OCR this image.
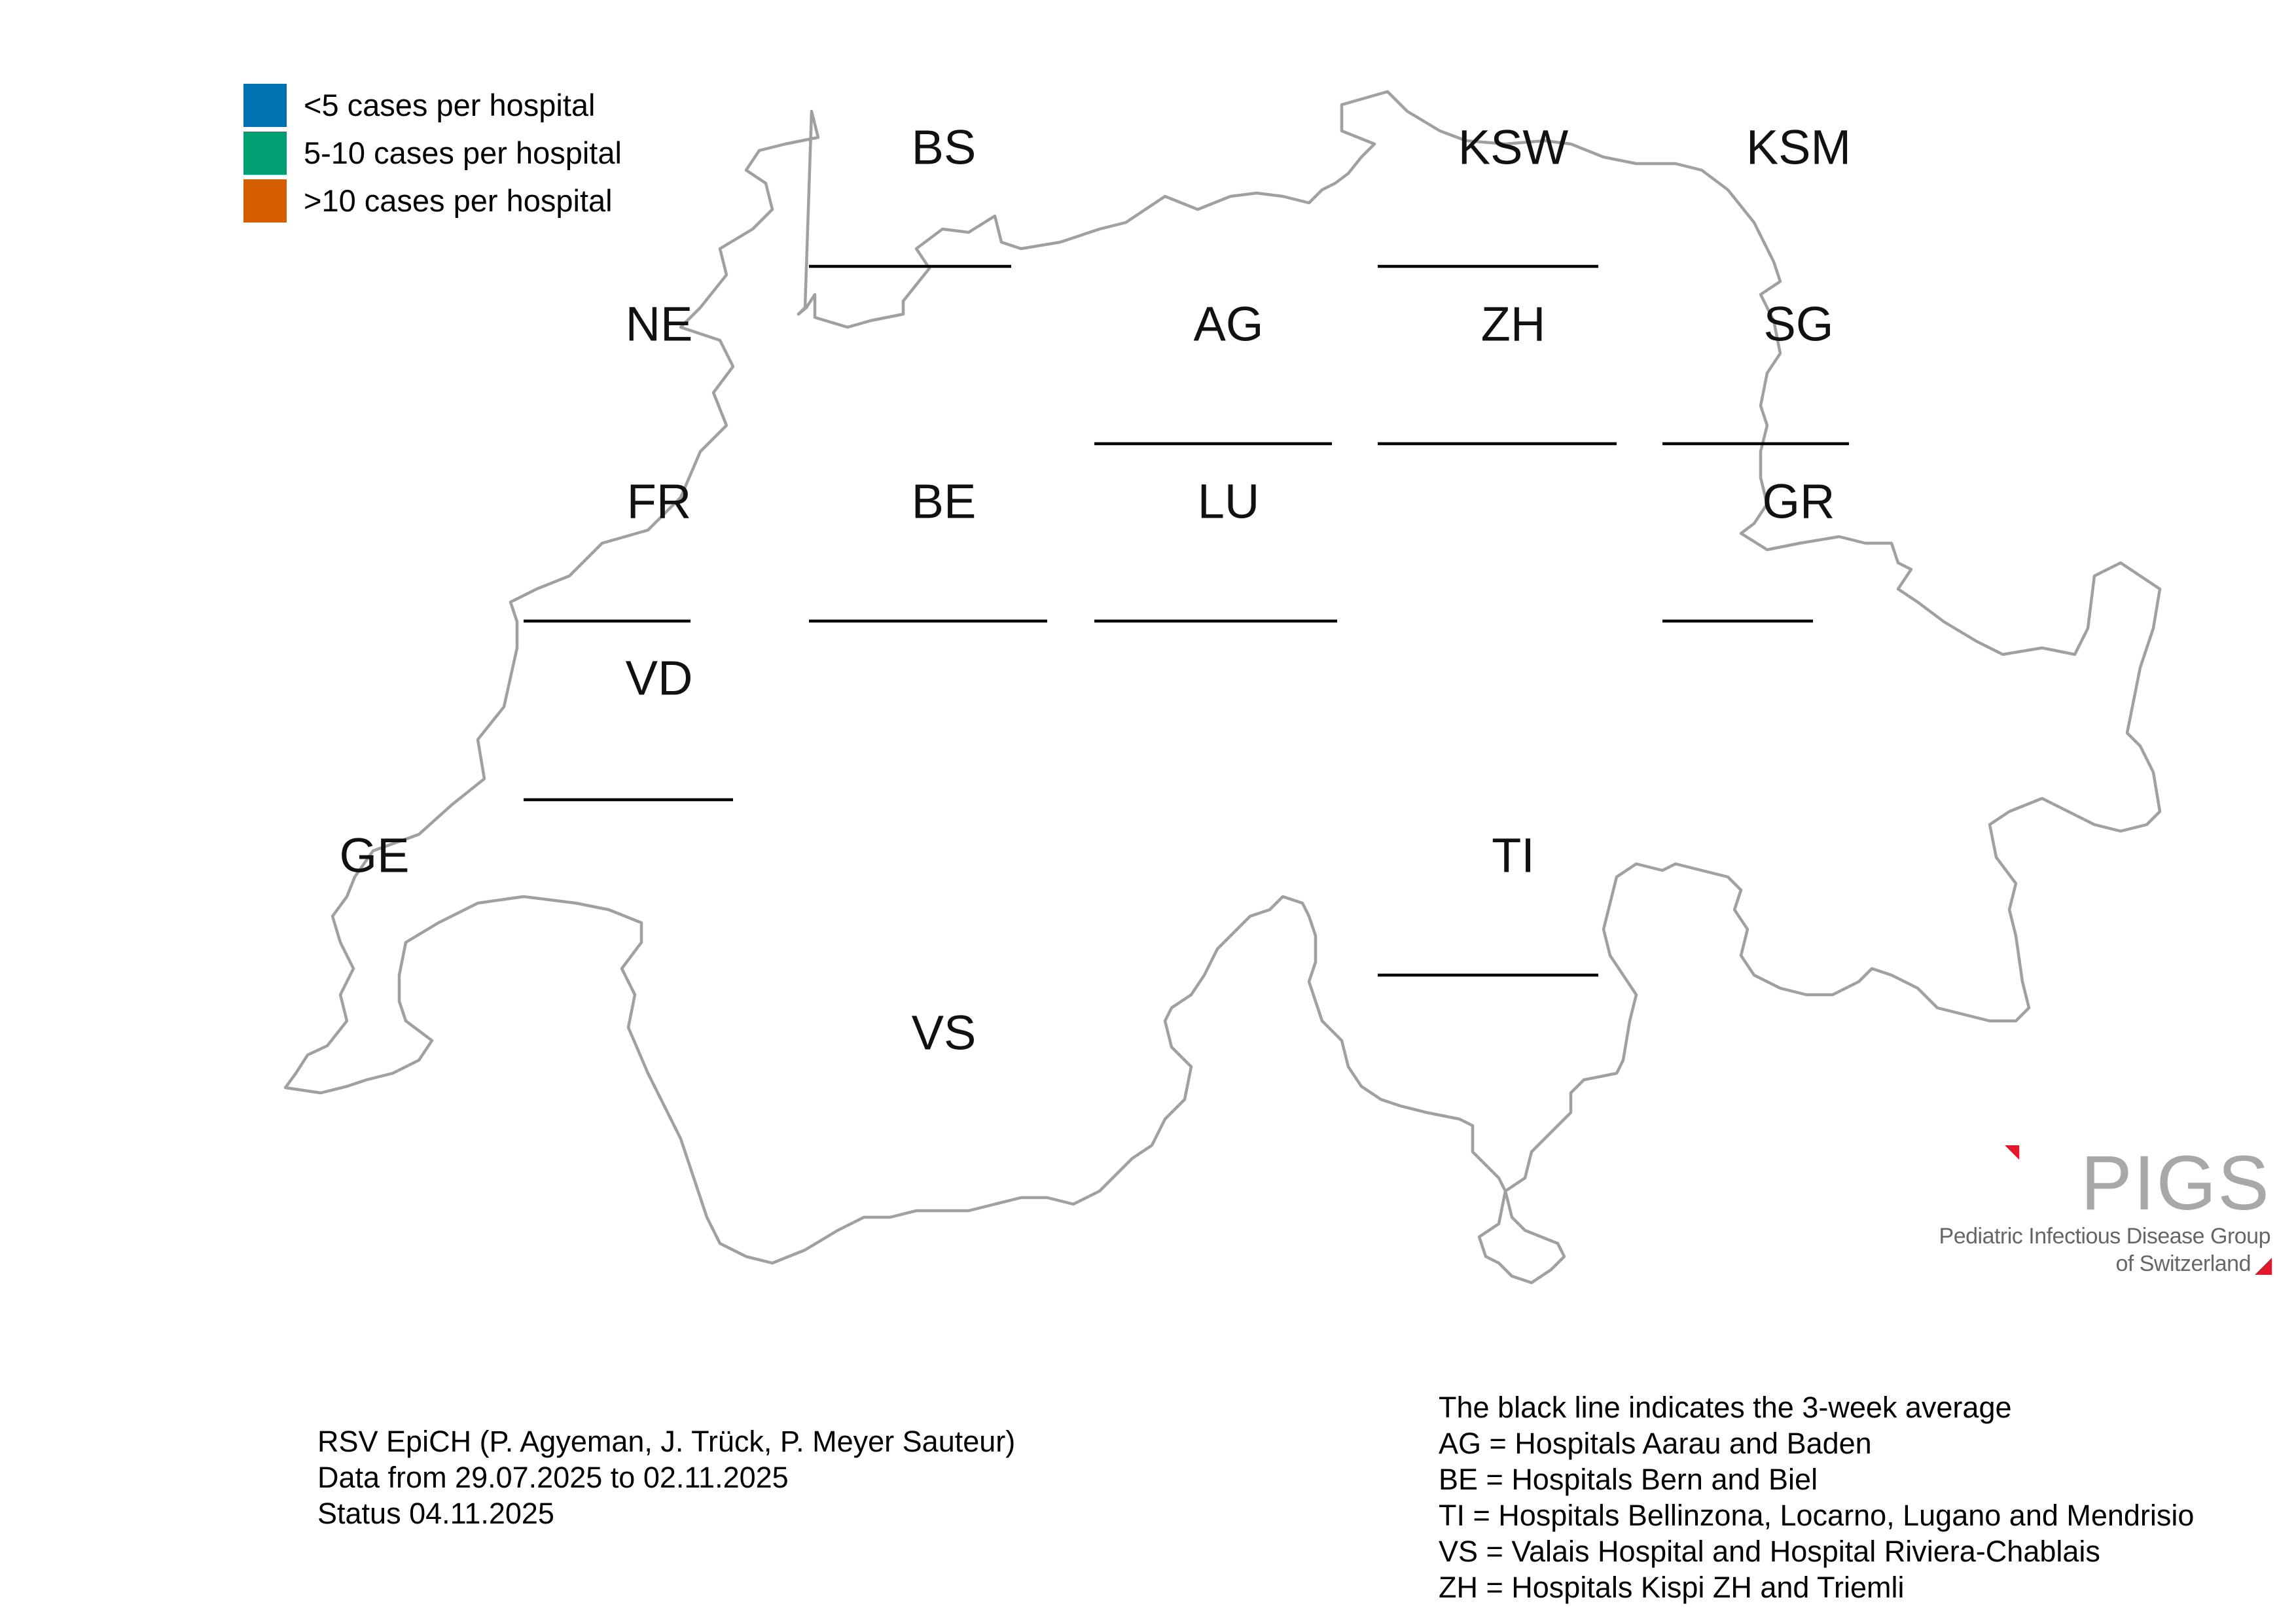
BS	KSW	KSM
NE	AG	ZH	SG
FR	BE	LU	GR
VD
GE	TI
VS
<5 cases per hospital
5-10 cases per hospital
>10 cases per hospital
RSV EpiCH (P. Agyeman, J. Trück, P. Meyer Sauteur)
Data from 29.07.2025 to 02.11.2025
Status 04.11.2025
The black line indicates the 3-week average
AG = Hospitals Aarau and Baden
BE = Hospitals Bern and Biel
TI = Hospitals Bellinzona, Locarno, Lugano and Mendrisio
VS = Valais Hospital and Hospital Riviera-Chablais
ZH = Hospitals Kispi ZH and Triemli
PIGS
Pediatric Infectious Disease Group
of Switzerland
